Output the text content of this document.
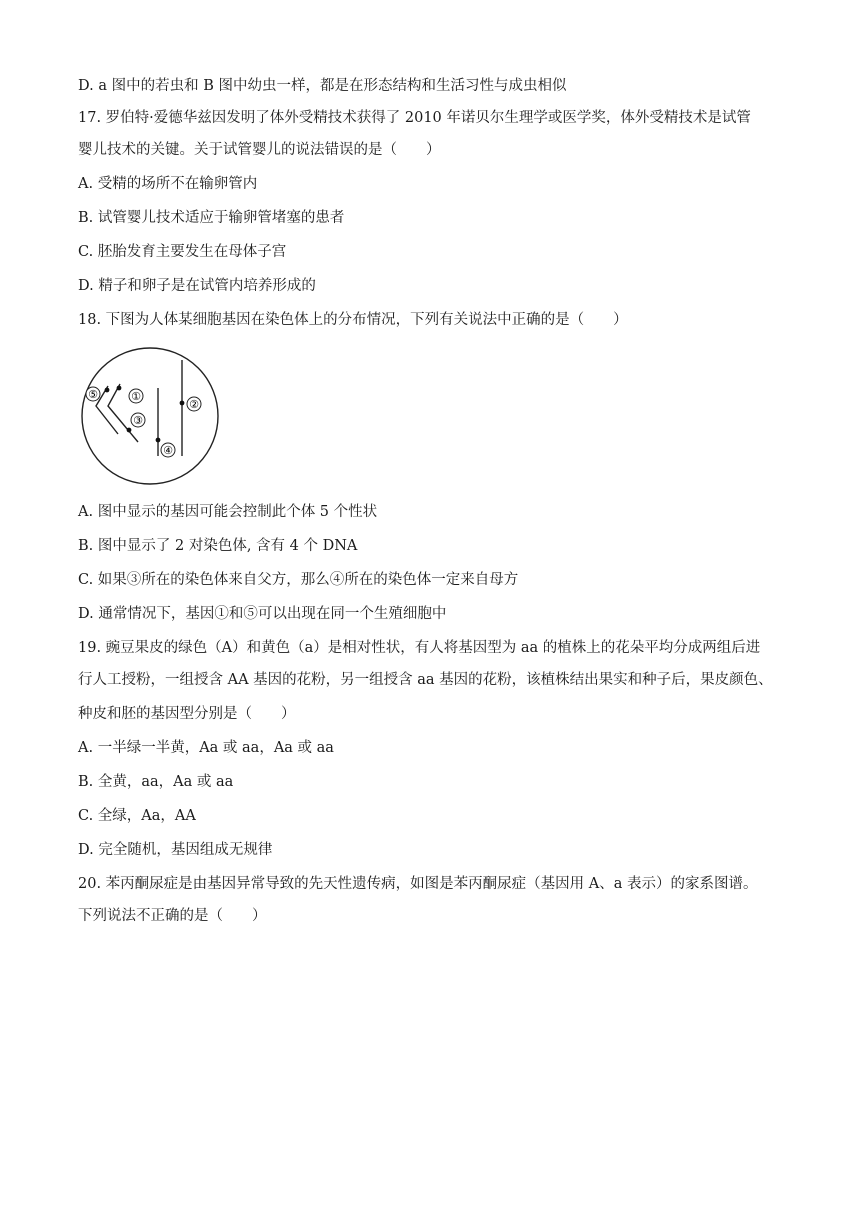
D. a 图中的若虫和 B 图中幼虫一样，都是在形态结构和生活习性与成虫相似
17. 罗伯特·爱德华兹因发明了体外受精技术获得了 2010 年诺贝尔生理学或医学奖，体外受精技术是试管
婴儿技术的关键。关于试管婴儿的说法错误的是（　　）
A. 受精的场所不在输卵管内
B. 试管婴儿技术适应于输卵管堵塞的患者
C. 胚胎发育主要发生在母体子宫
D. 精子和卵子是在试管内培养形成的
18. 下图为人体某细胞基因在染色体上的分布情况，下列有关说法中正确的是（　　）
⑤	①
③
②
④
A. 图中显示的基因可能会控制此个体 5 个性状
B. 图中显示了 2 对染色体, 含有 4 个 DNA
C. 如果③所在的染色体来自父方，那么④所在的染色体一定来自母方
D. 通常情况下，基因①和⑤可以出现在同一个生殖细胞中
19. 豌豆果皮的绿色（A）和黄色（a）是相对性状，有人将基因型为 aa 的植株上的花朵平均分成两组后进
行人工授粉，一组授含 AA 基因的花粉，另一组授含 aa 基因的花粉，该植株结出果实和种子后，果皮颜色、
种皮和胚的基因型分别是（　　）
A. 一半绿一半黄，Aa 或 aa，Aa 或 aa
B. 全黄，aa，Aa 或 aa
C. 全绿，Aa，AA
D. 完全随机，基因组成无规律
20. 苯丙酮尿症是由基因异常导致的先天性遗传病，如图是苯丙酮尿症（基因用 A、a 表示）的家系图谱。
下列说法不正确的是（　　）
